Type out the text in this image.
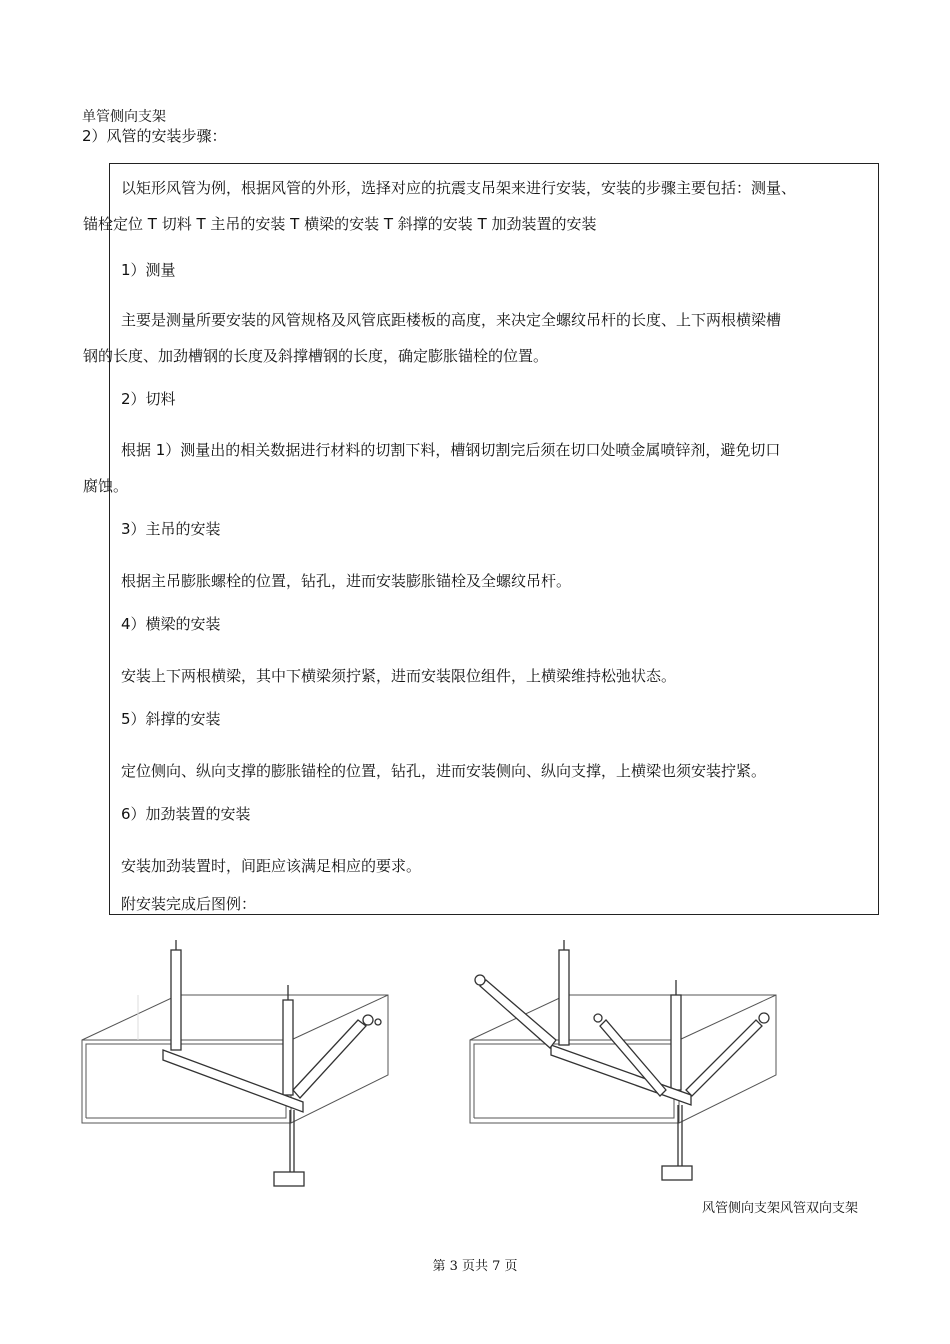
单管侧向支架
2）风管的安装步骤：
以矩形风管为例，根据风管的外形，选择对应的抗震支吊架来进行安装，安装的步骤主要包括：测量、
锚栓定位 T 切料 T 主吊的安装 T 横梁的安装 T 斜撑的安装 T 加劲装置的安装
1）测量
主要是测量所要安装的风管规格及风管底距楼板的高度，来决定全螺纹吊杆的长度、上下两根横梁槽
钢的长度、加劲槽钢的长度及斜撑槽钢的长度，确定膨胀锚栓的位置。
2）切料
根据 1）测量出的相关数据进行材料的切割下料，槽钢切割完后须在切口处喷金属喷锌剂，避免切口
腐蚀。
3）主吊的安装
根据主吊膨胀螺栓的位置，钻孔，进而安装膨胀锚栓及全螺纹吊杆。
4）横梁的安装
安装上下两根横梁，其中下横梁须拧紧，进而安装限位组件，上横梁维持松弛状态。
5）斜撑的安装
定位侧向、纵向支撑的膨胀锚栓的位置，钻孔，进而安装侧向、纵向支撑，上横梁也须安装拧紧。
6）加劲装置的安装
安装加劲装置时，间距应该满足相应的要求。
附安装完成后图例：
风管侧向支架风管双向支架
第 3 页共 7 页
